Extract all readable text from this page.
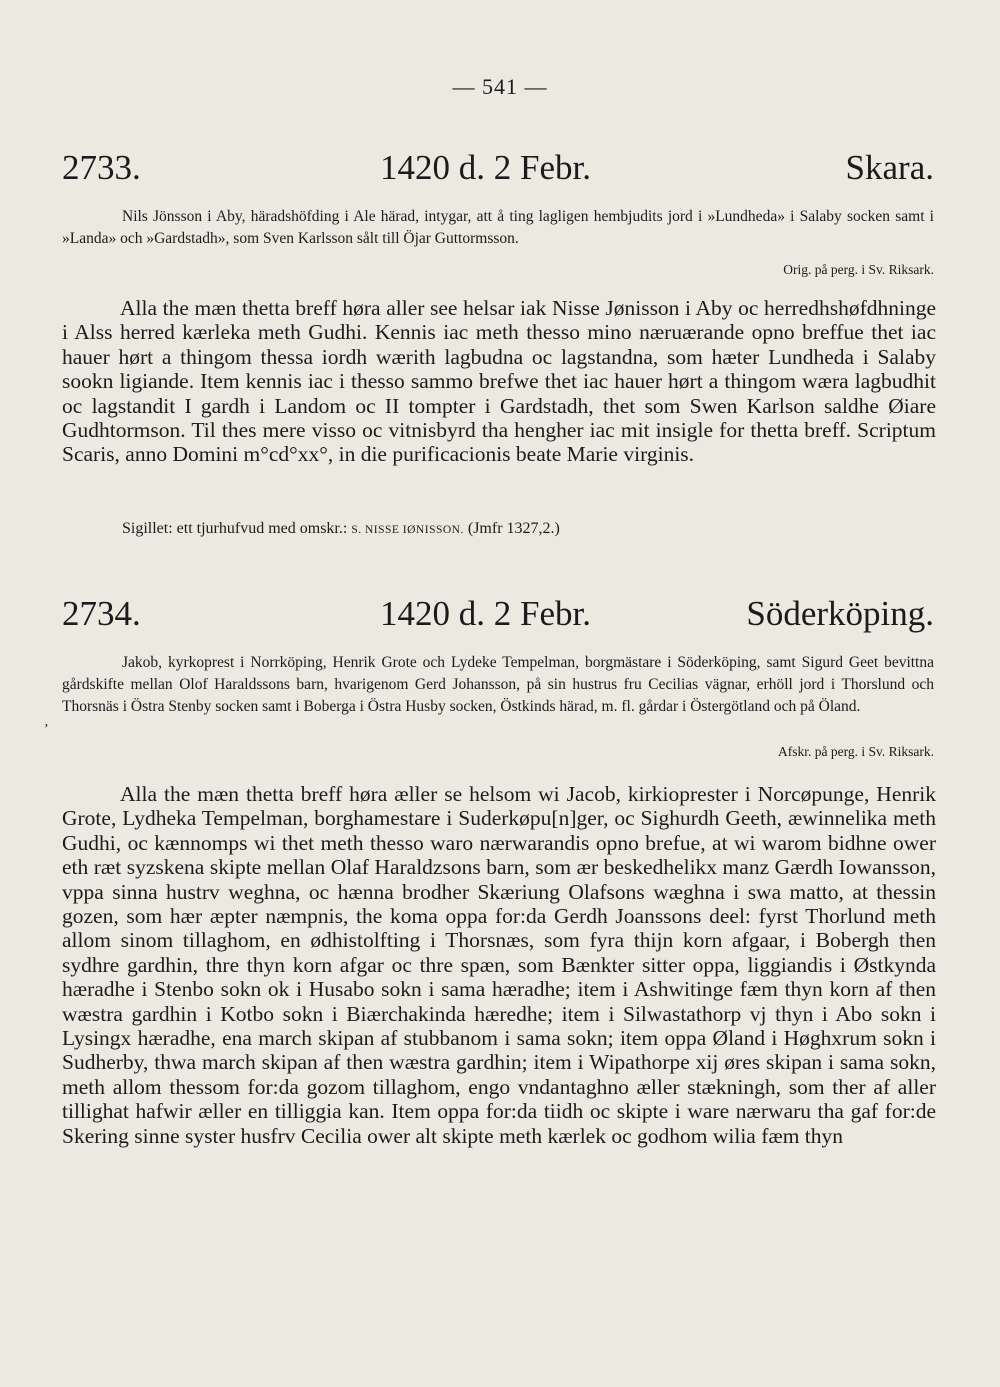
— 541 —
2733.	1420 d. 2 Febr.	Skara.
Nils Jönsson i Aby, häradshöfding i Ale härad, intygar, att å ting lagligen hembjudits jord i »Lundheda» i Salaby socken samt i »Landa» och »Gardstadh», som Sven Karlsson sålt till Öjar Guttormsson.
Orig. på perg. i Sv. Riksark.
Alla the mæn thetta breff høra aller see helsar iak Nisse Jønisson i Aby oc herredhshøfdhninge i Alss herred kærleka meth Gudhi. Kennis iac meth thesso mino næruærande opno breffue thet iac hauer hørt a thingom thessa iordh wærith lagbudna oc lagstandna, som hæter Lundheda i Salaby sookn ligiande. Item kennis iac i thesso sammo brefwe thet iac hauer hørt a thingom wæra lagbudhit oc lagstandit I gardh i Landom oc II tompter i Gardstadh, thet som Swen Karlson saldhe Øiare Gudhtormson. Til thes mere visso oc vitnisbyrd tha hengher iac mit insigle for thetta breff. Scriptum Scaris, anno Domini m°cd°xx°, in die purificacionis beate Marie virginis.
Sigillet: ett tjurhufvud med omskr.: S. NISSE IØNISSON. (Jmfr 1327,2.)
2734.	1420 d. 2 Febr.	Söderköping.
ʼ
Jakob, kyrkoprest i Norrköping, Henrik Grote och Lydeke Tempelman, borgmästare i Söderköping, samt Sigurd Geet bevittna gårdskifte mellan Olof Haraldssons barn, hvarigenom Gerd Johansson, på sin hustrus fru Cecilias vägnar, erhöll jord i Thorslund och Thorsnäs i Östra Stenby socken samt i Boberga i Östra Husby socken, Östkinds härad, m. fl. gårdar i Östergötland och på Öland.
Afskr. på perg. i Sv. Riksark.
Alla the mæn thetta breff høra æller se helsom wi Jacob, kirkioprester i Norcøpunge, Henrik Grote, Lydheka Tempelman, borghamestare i Suderkøpu[n]ger, oc Sighurdh Geeth, æwinnelika meth Gudhi, oc kænnomps wi thet meth thesso waro nærwarandis opno brefue, at wi warom bidhne ower eth ræt syzskena skipte mellan Olaf Haraldzsons barn, som ær beskedhelikx manz Gærdh Iowansson, vppa sinna hustrv weghna, oc hænna brodher Skæriung Olafsons wæghna i swa matto, at thessin gozen, som hær æpter næmpnis, the koma oppa for:da Gerdh Joanssons deel: fyrst Thorlund meth allom sinom tillaghom, en ødhistolfting i Thorsnæs, som fyra thijn korn afgaar, i Bobergh then sydhre gardhin, thre thyn korn afgar oc thre spæn, som Bænkter sitter oppa, liggiandis i Østkynda hæradhe i Stenbo sokn ok i Husabo sokn i sama hæradhe; item i Ashwitinge fæm thyn korn af then wæstra gardhin i Kotbo sokn i Biærchakinda hæredhe; item i Silwastathorp vj thyn i Abo sokn i Lysingx hæradhe, ena march skipan af stubbanom i sama sokn; item oppa Øland i Høghxrum sokn i Sudherby, thwa march skipan af then wæstra gardhin; item i Wipathorpe xij øres skipan i sama sokn, meth allom thessom for:da gozom tillaghom, engo vndantaghno æller stækningh, som ther af aller tillighat hafwir æller en tilliggia kan. Item oppa for:da tiidh oc skipte i ware nærwaru tha gaf for:de Skering sinne syster husfrv Cecilia ower alt skipte meth kærlek oc godhom wilia fæm thyn
